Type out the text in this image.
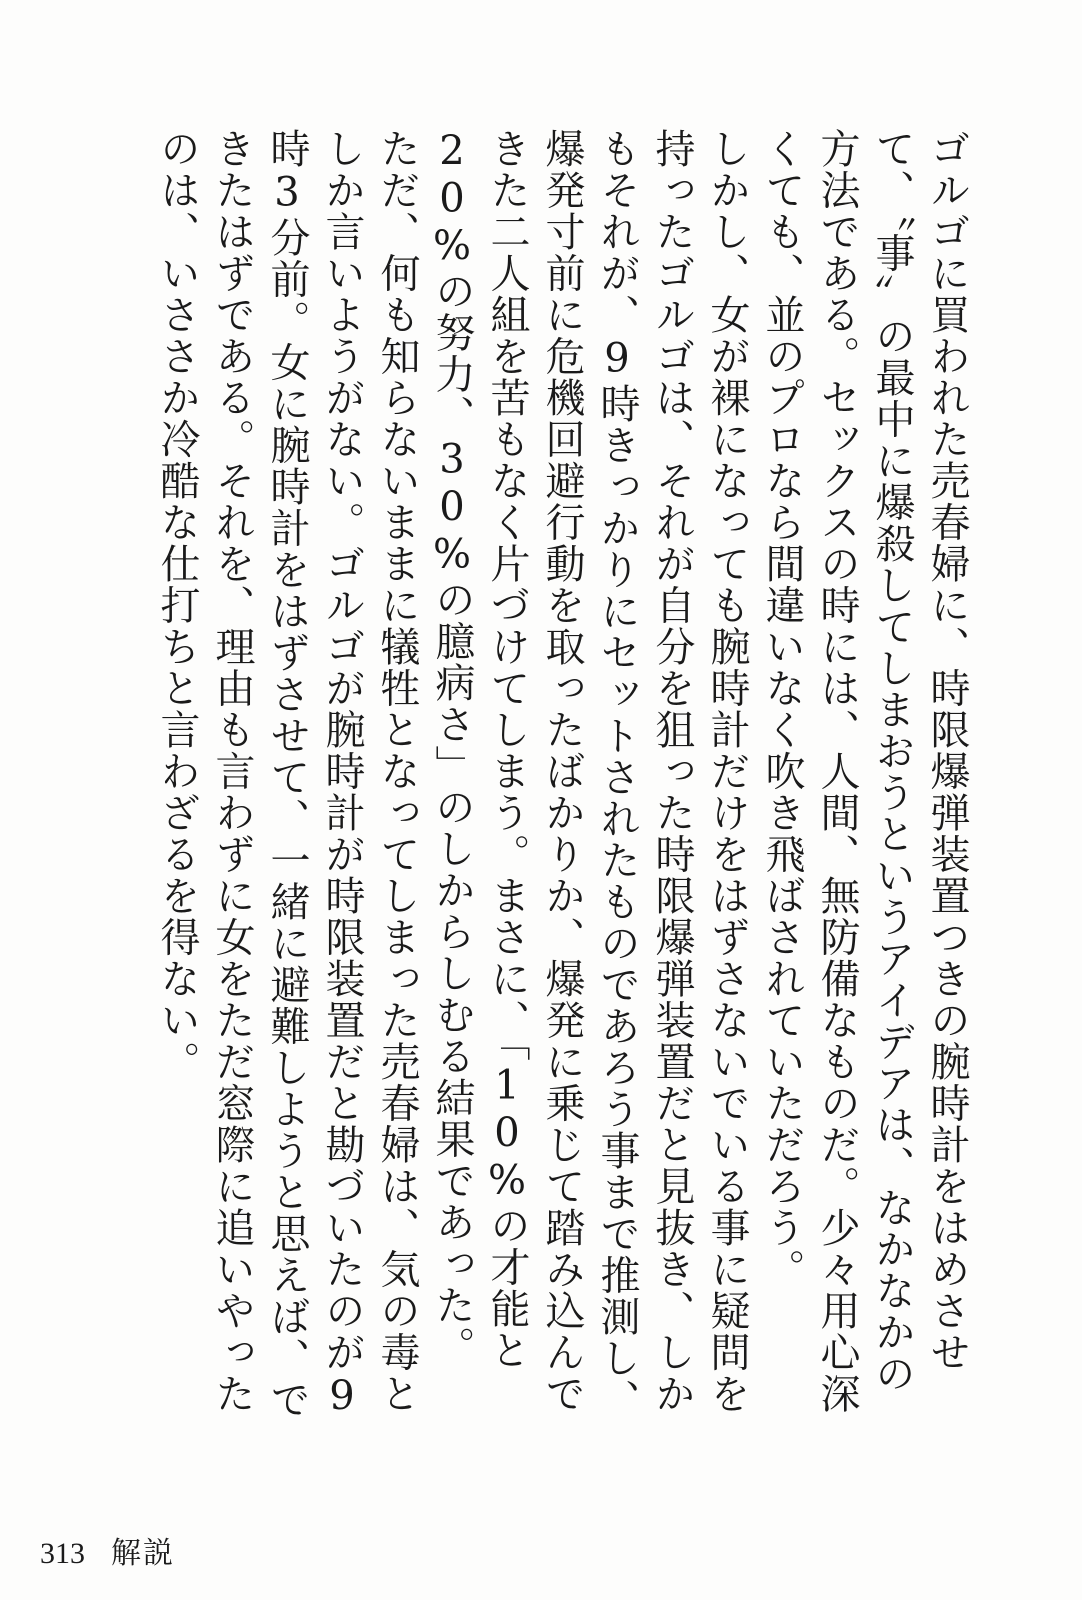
ゴルゴに買われた売春婦に、時限爆弾装置つきの腕時計をはめさせて、〝事〟の最中に爆殺してしまおうというアイデアは、なかなかの方法である。セックスの時には、人間、無防備なものだ。少々用心深くても、並のプロなら間違いなく吹き飛ばされていただろう。

しかし、女が裸になっても腕時計だけをはずさないでいる事に疑問を持ったゴルゴは、それが自分を狙った時限爆弾装置だと見抜き、しかもそれが、9時きっかりにセットされたものであろう事まで推測し、爆発寸前に危機回避行動を取ったばかりか、爆発に乗じて踏み込んできた二人組を苦もなく片づけてしまう。まさに、「10%の才能と20%の努力、30%の臆病さ」のしからしむる結果であった。

ただ、何も知らないままに犠牲となってしまった売春婦は、気の毒としか言いようがない。ゴルゴが腕時計が時限装置だと勘づいたのが9時3分前。女に腕時計をはずさせて、一緒に避難しようと思えば、できたはずである。それを、理由も言わずに女をただ窓際に追いやったのは、いささか冷酷な仕打ちと言わざるを得ない。

313 解説
